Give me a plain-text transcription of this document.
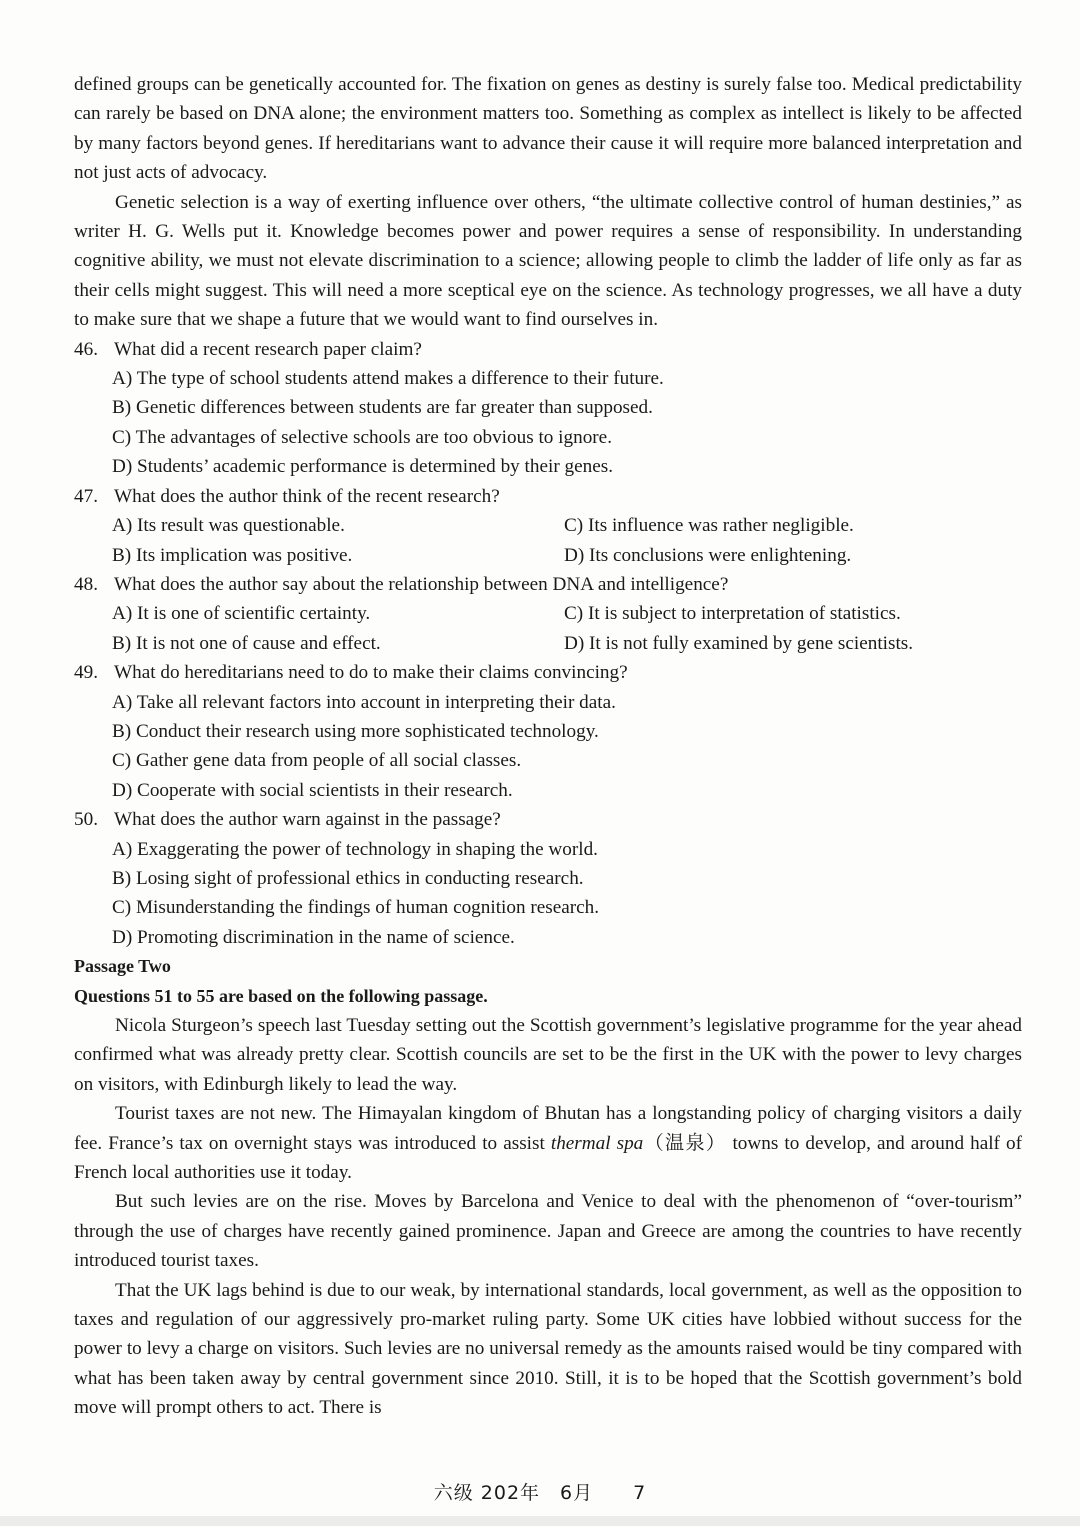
defined groups can be genetically accounted for. The fixation on genes as destiny is surely false too. Medical predictability can rarely be based on DNA alone; the environment matters too. Something as complex as intellect is likely to be affected by many factors beyond genes. If hereditarians want to advance their cause it will require more balanced interpretation and not just acts of advocacy.

Genetic selection is a way of exerting influence over others, “the ultimate collective control of human destinies,” as writer H. G. Wells put it. Knowledge becomes power and power requires a sense of responsibility. In understanding cognitive ability, we must not elevate discrimination to a science; allowing people to climb the ladder of life only as far as their cells might suggest. This will need a more sceptical eye on the science. As technology progresses, we all have a duty to make sure that we shape a future that we would want to find ourselves in.

46. What did a recent research paper claim?
A) The type of school students attend makes a difference to their future.
B) Genetic differences between students are far greater than supposed.
C) The advantages of selective schools are too obvious to ignore.
D) Students’ academic performance is determined by their genes.
47. What does the author think of the recent research?
A) Its result was questionable.	C) Its influence was rather negligible.
B) Its implication was positive.	D) Its conclusions were enlightening.
48. What does the author say about the relationship between DNA and intelligence?
A) It is one of scientific certainty.	C) It is subject to interpretation of statistics.
B) It is not one of cause and effect.	D) It is not fully examined by gene scientists.
49. What do hereditarians need to do to make their claims convincing?
A) Take all relevant factors into account in interpreting their data.
B) Conduct their research using more sophisticated technology.
C) Gather gene data from people of all social classes.
D) Cooperate with social scientists in their research.
50. What does the author warn against in the passage?
A) Exaggerating the power of technology in shaping the world.
B) Losing sight of professional ethics in conducting research.
C) Misunderstanding the findings of human cognition research.
D) Promoting discrimination in the name of science.
Passage Two
Questions 51 to 55 are based on the following passage.

Nicola Sturgeon’s speech last Tuesday setting out the Scottish government’s legislative programme for the year ahead confirmed what was already pretty clear. Scottish councils are set to be the first in the UK with the power to levy charges on visitors, with Edinburgh likely to lead the way.

Tourist taxes are not new. The Himayalan kingdom of Bhutan has a longstanding policy of charging visitors a daily fee. France’s tax on overnight stays was introduced to assist thermal spa（温泉） towns to develop, and around half of French local authorities use it today.

But such levies are on the rise. Moves by Barcelona and Venice to deal with the phenomenon of “over-tourism” through the use of charges have recently gained prominence. Japan and Greece are among the countries to have recently introduced tourist taxes.

That the UK lags behind is due to our weak, by international standards, local government, as well as the opposition to taxes and regulation of our aggressively pro-market ruling party. Some UK cities have lobbied without success for the power to levy a charge on visitors. Such levies are no universal remedy as the amounts raised would be tiny compared with what has been taken away by central government since 2010. Still, it is to be hoped that the Scottish government’s bold move will prompt others to act. There is

六级 202年　6月　　7
